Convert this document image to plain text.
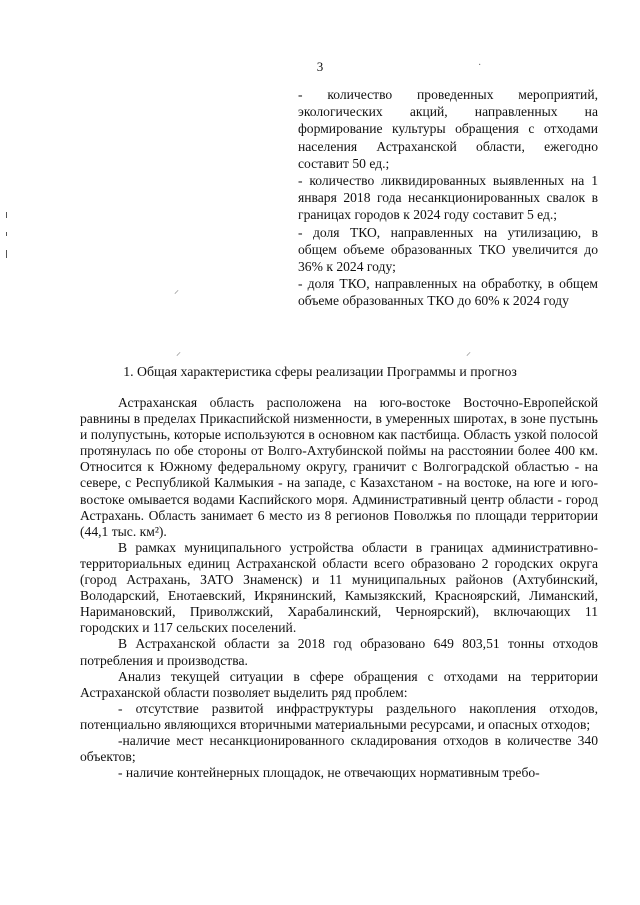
3

- количество проведенных мероприятий, экологических акций, направленных на формирование культуры обращения с отходами населения Астраханской области, ежегодно составит 50 ед.;

- количество ликвидированных выявленных на 1 января 2018 года несанкционированных свалок в границах городов к 2024 году составит 5 ед.;

- доля ТКО, направленных на утилизацию, в общем объеме образованных ТКО увеличится до 36% к 2024 году;

- доля ТКО, направленных на обработку, в общем объеме образованных ТКО до 60% к 2024 году

1. Общая характеристика сферы реализации Программы и прогноз

Астраханская область расположена на юго-востоке Восточно-Европейской равнины в пределах Прикаспийской низменности, в умеренных широтах, в зоне пустынь и полупустынь, которые используются в основном как пастбища. Область узкой полосой протянулась по обе стороны от Волго-Ахтубинской поймы на расстоянии более 400 км. Относится к Южному федеральному округу, граничит с Волгоградской областью - на севере, с Республикой Калмыкия - на западе, с Казахстаном - на востоке, на юге и юго-востоке омывается водами Каспийского моря. Административный центр области - город Астрахань. Область занимает 6 место из 8 регионов Поволжья по площади территории (44,1 тыс. км²).

В рамках муниципального устройства области в границах административно-территориальных единиц Астраханской области всего образовано 2 городских округа (город Астрахань, ЗАТО Знаменск) и 11 муниципальных районов (Ахтубинский, Володарский, Енотаевский, Икрянинский, Камызякский, Красноярский, Лиманский, Наримановский, Приволжский, Харабалинский, Черноярский), включающих 11 городских и 117 сельских поселений.

В Астраханской области за 2018 год образовано 649 803,51 тонны отходов потребления и производства.

Анализ текущей ситуации в сфере обращения с отходами на территории Астраханской области позволяет выделить ряд проблем:

- отсутствие развитой инфраструктуры раздельного накопления отходов, потенциально являющихся вторичными материальными ресурсами, и опасных отходов;

-наличие мест несанкционированного складирования отходов в количестве 340 объектов;

- наличие контейнерных площадок, не отвечающих нормативным требо-

⸝
⸝	⸝
·
